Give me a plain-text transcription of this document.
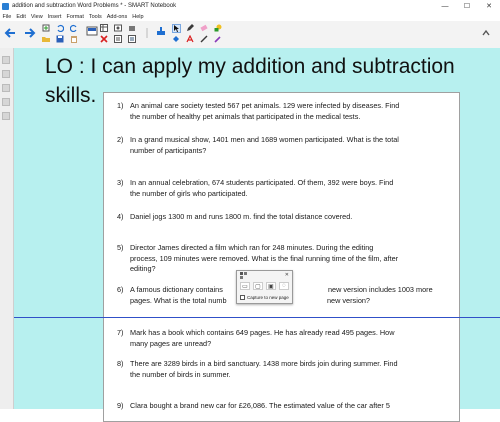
addition and subtraction Word Problems * - SMART Notebook	—	☐	✕
File Edit View Insert Format Tools Add-ons Help
LO : I can apply my addition and subtraction skills.	1) An animal care society tested 567 pet animals. 129 were infected by diseases. Find
the number of healthy pet animals that participated in the medical tests.
2) In a grand musical show, 1401 men and 1689 women participated. What is the total
number of participants?
3) In an annual celebration, 674 students participated. Of them, 392 were boys. Find
the number of girls who participated.
4) Daniel jogs 1300 m and runs 1800 m. find the total distance covered.
5) Director James directed a film which ran for 248 minutes. During the editing
process, 109 minutes were removed. What is the final running time of the film, after
editing?
6) A famous dictionary contains	new version includes 1003 more
pages. What is the total numb	new version?
7) Mark has a book which contains 649 pages. He has already read 495 pages. How
many pages are unread?
8) There are 3289 birds in a bird sanctuary. 1438 more birds join during summer. Find
the number of birds in summer.
9) Clara bought a brand new car for £26,086. The estimated value of the car after 5
✕
▭	▢	▣	◌
Capture to new page
